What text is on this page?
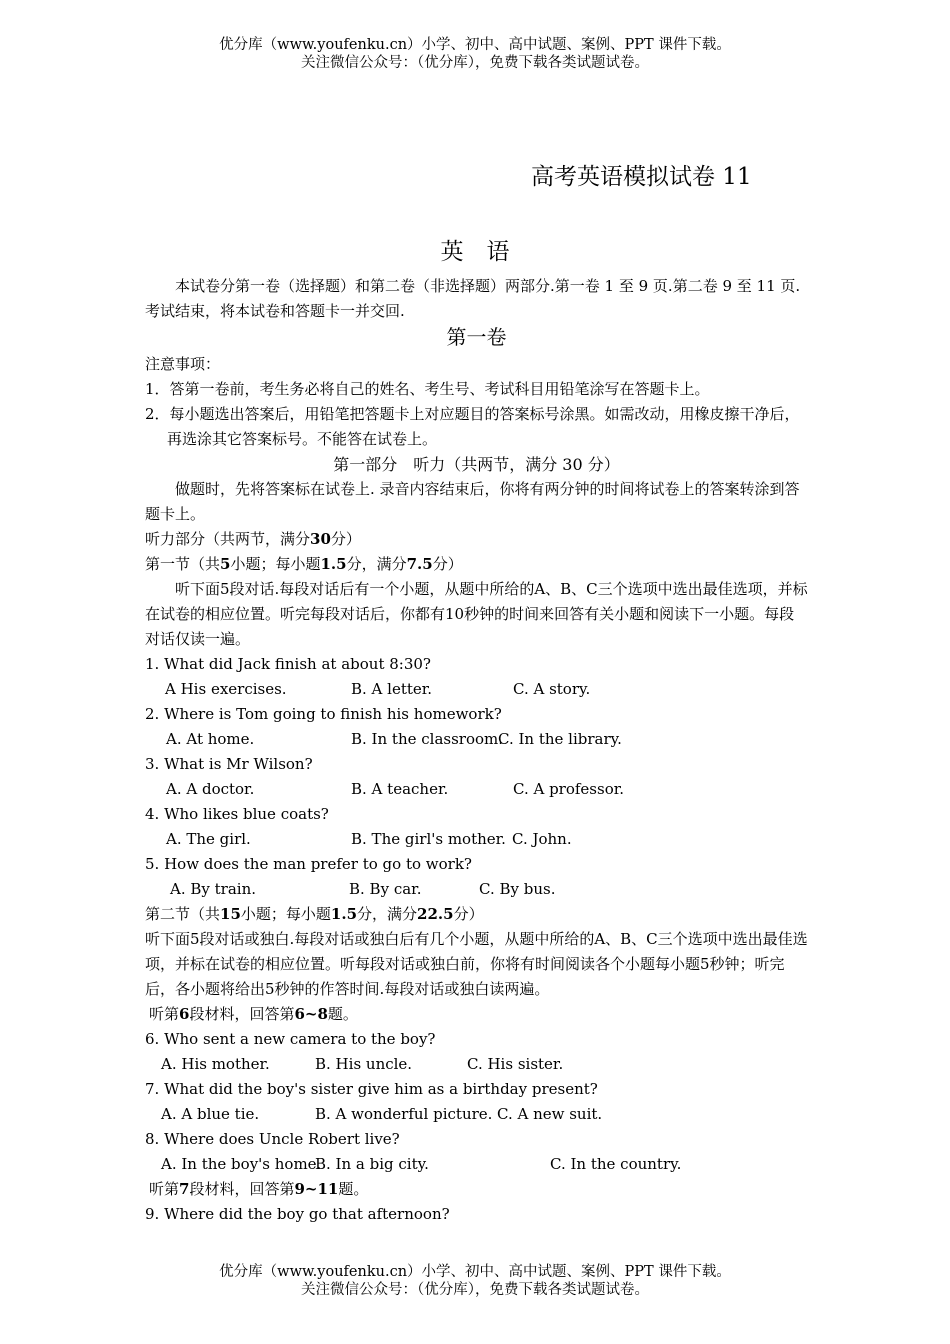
优分库（www.youfenku.cn）小学、初中、高中试题、案例、PPT 课件下载。
关注微信公众号：（优分库），免费下载各类试题试卷。
高考英语模拟试卷 11
英　语

本试卷分第一卷（选择题）和第二卷（非选择题）两部分.第一卷 1 至 9 页.第二卷 9 至 11 页.考试结束，将本试卷和答题卡一并交回.

第一卷

注意事项：

1．答第一卷前，考生务必将自己的姓名、考生号、考试科目用铅笔涂写在答题卡上。

2．每小题选出答案后，用铅笔把答题卡上对应题目的答案标号涂黑。如需改动，用橡皮擦干净后，再选涂其它答案标号。不能答在试卷上。

第一部分　听力（共两节，满分 30 分）

做题时，先将答案标在试卷上. 录音内容结束后，你将有两分钟的时间将试卷上的答案转涂到答题卡上。

听力部分（共两节，满分30分）

第一节（共5小题；每小题1.5分，满分7.5分）

听下面5段对话.每段对话后有一个小题，从题中所给的A、B、C三个选项中选出最佳选项，并标在试卷的相应位置。听完每段对话后，你都有10秒钟的时间来回答有关小题和阅读下一小题。每段对话仅读一遍。

1. What did Jack finish at about 8:30?

A His exercises.	B. A letter.	C. A story.

2. Where is Tom going to finish his homework?

A. At home.	B. In the classroom.
C. In the library.

3. What is Mr Wilson?

A. A doctor.	B. A teacher.	C. A professor.

4. Who likes blue coats?

A. The girl.	B. The girl's mother. C. John.

5. How does the man prefer to go to work?

A. By train.	B. By car.	C. By bus.

第二节（共15小题；每小题1.5分，满分22.5分）

听下面5段对话或独白.每段对话或独白后有几个小题，从题中所给的A、B、C三个选项中选出最佳选项，并标在试卷的相应位置。听每段对话或独白前，你将有时间阅读各个小题每小题5秒钟；听完后，各小题将给出5秒钟的作答时间.每段对话或独白读两遍。

听第6段材料，回答第6~8题。

6. Who sent a new camera to the boy?

A. His mother.	B. His uncle.	C. His sister.

7. What did the boy's sister give him as a birthday present?

A. A blue tie.	B. A wonderful picture. C. A new suit.

8. Where does Uncle Robert live?

A. In the boy's home.
B. In a big city.	C. In the country.

听第7段材料，回答第9~11题。

9. Where did the boy go that afternoon?

优分库（www.youfenku.cn）小学、初中、高中试题、案例、PPT 课件下载。
关注微信公众号：（优分库），免费下载各类试题试卷。
